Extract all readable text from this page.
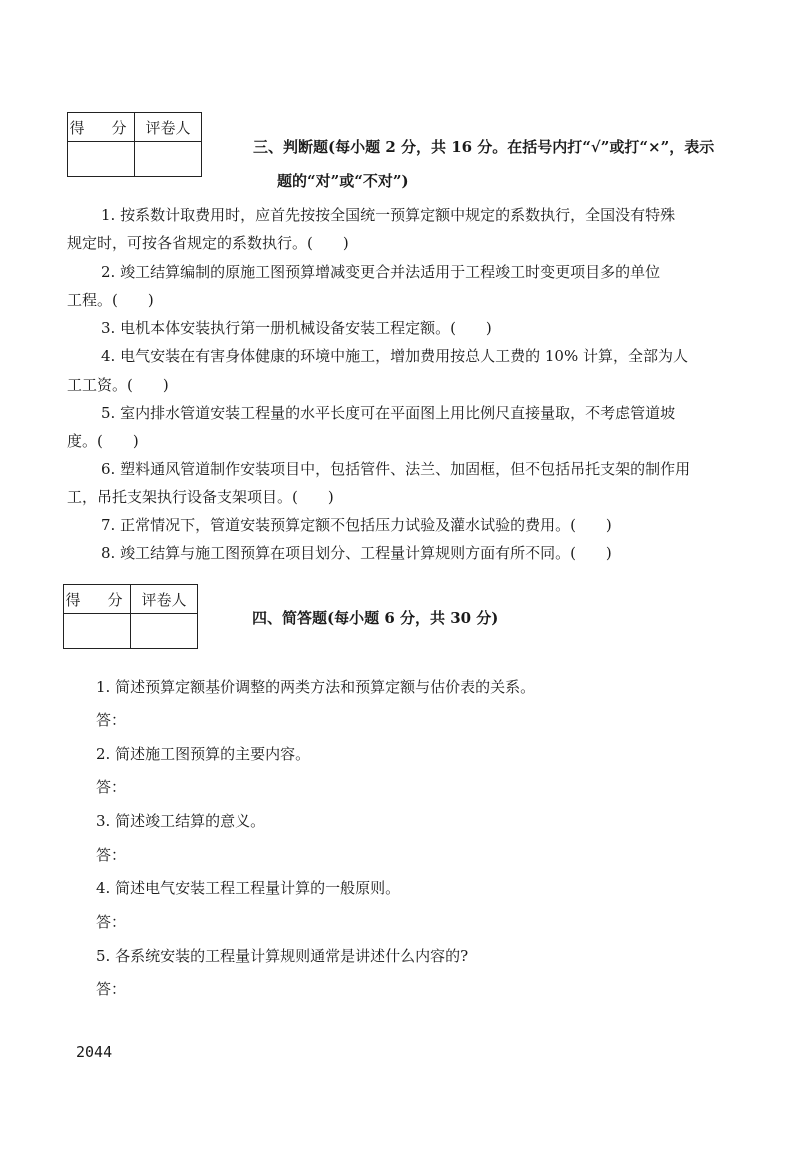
得　分	评卷人

三、判断题(每小题 2 分，共 16 分。在括号内打“√”或打“×”，表示
题的“对”或“不对”)
1. 按系数计取费用时，应首先按按全国统一预算定额中规定的系数执行，全国没有特殊
规定时，可按各省规定的系数执行。(　　)
2. 竣工结算编制的原施工图预算增减变更合并法适用于工程竣工时变更项目多的单位
工程。(　　)
3. 电机本体安装执行第一册机械设备安装工程定额。(　　)
4. 电气安装在有害身体健康的环境中施工，增加费用按总人工费的 10% 计算，全部为人
工工资。(　　)
5. 室内排水管道安装工程量的水平长度可在平面图上用比例尺直接量取，不考虑管道坡
度。(　　)
6. 塑料通风管道制作安装项目中，包括管件、法兰、加固框，但不包括吊托支架的制作用
工，吊托支架执行设备支架项目。(　　)
7. 正常情况下，管道安装预算定额不包括压力试验及灌水试验的费用。(　　)
8. 竣工结算与施工图预算在项目划分、工程量计算规则方面有所不同。(　　)
得　分	评卷人

四、简答题(每小题 6 分，共 30 分)
1. 简述预算定额基价调整的两类方法和预算定额与估价表的关系。
答：
2. 简述施工图预算的主要内容。
答：
3. 简述竣工结算的意义。
答：
4. 简述电气安装工程工程量计算的一般原则。
答：
5. 各系统安装的工程量计算规则通常是讲述什么内容的?
答：
2044
